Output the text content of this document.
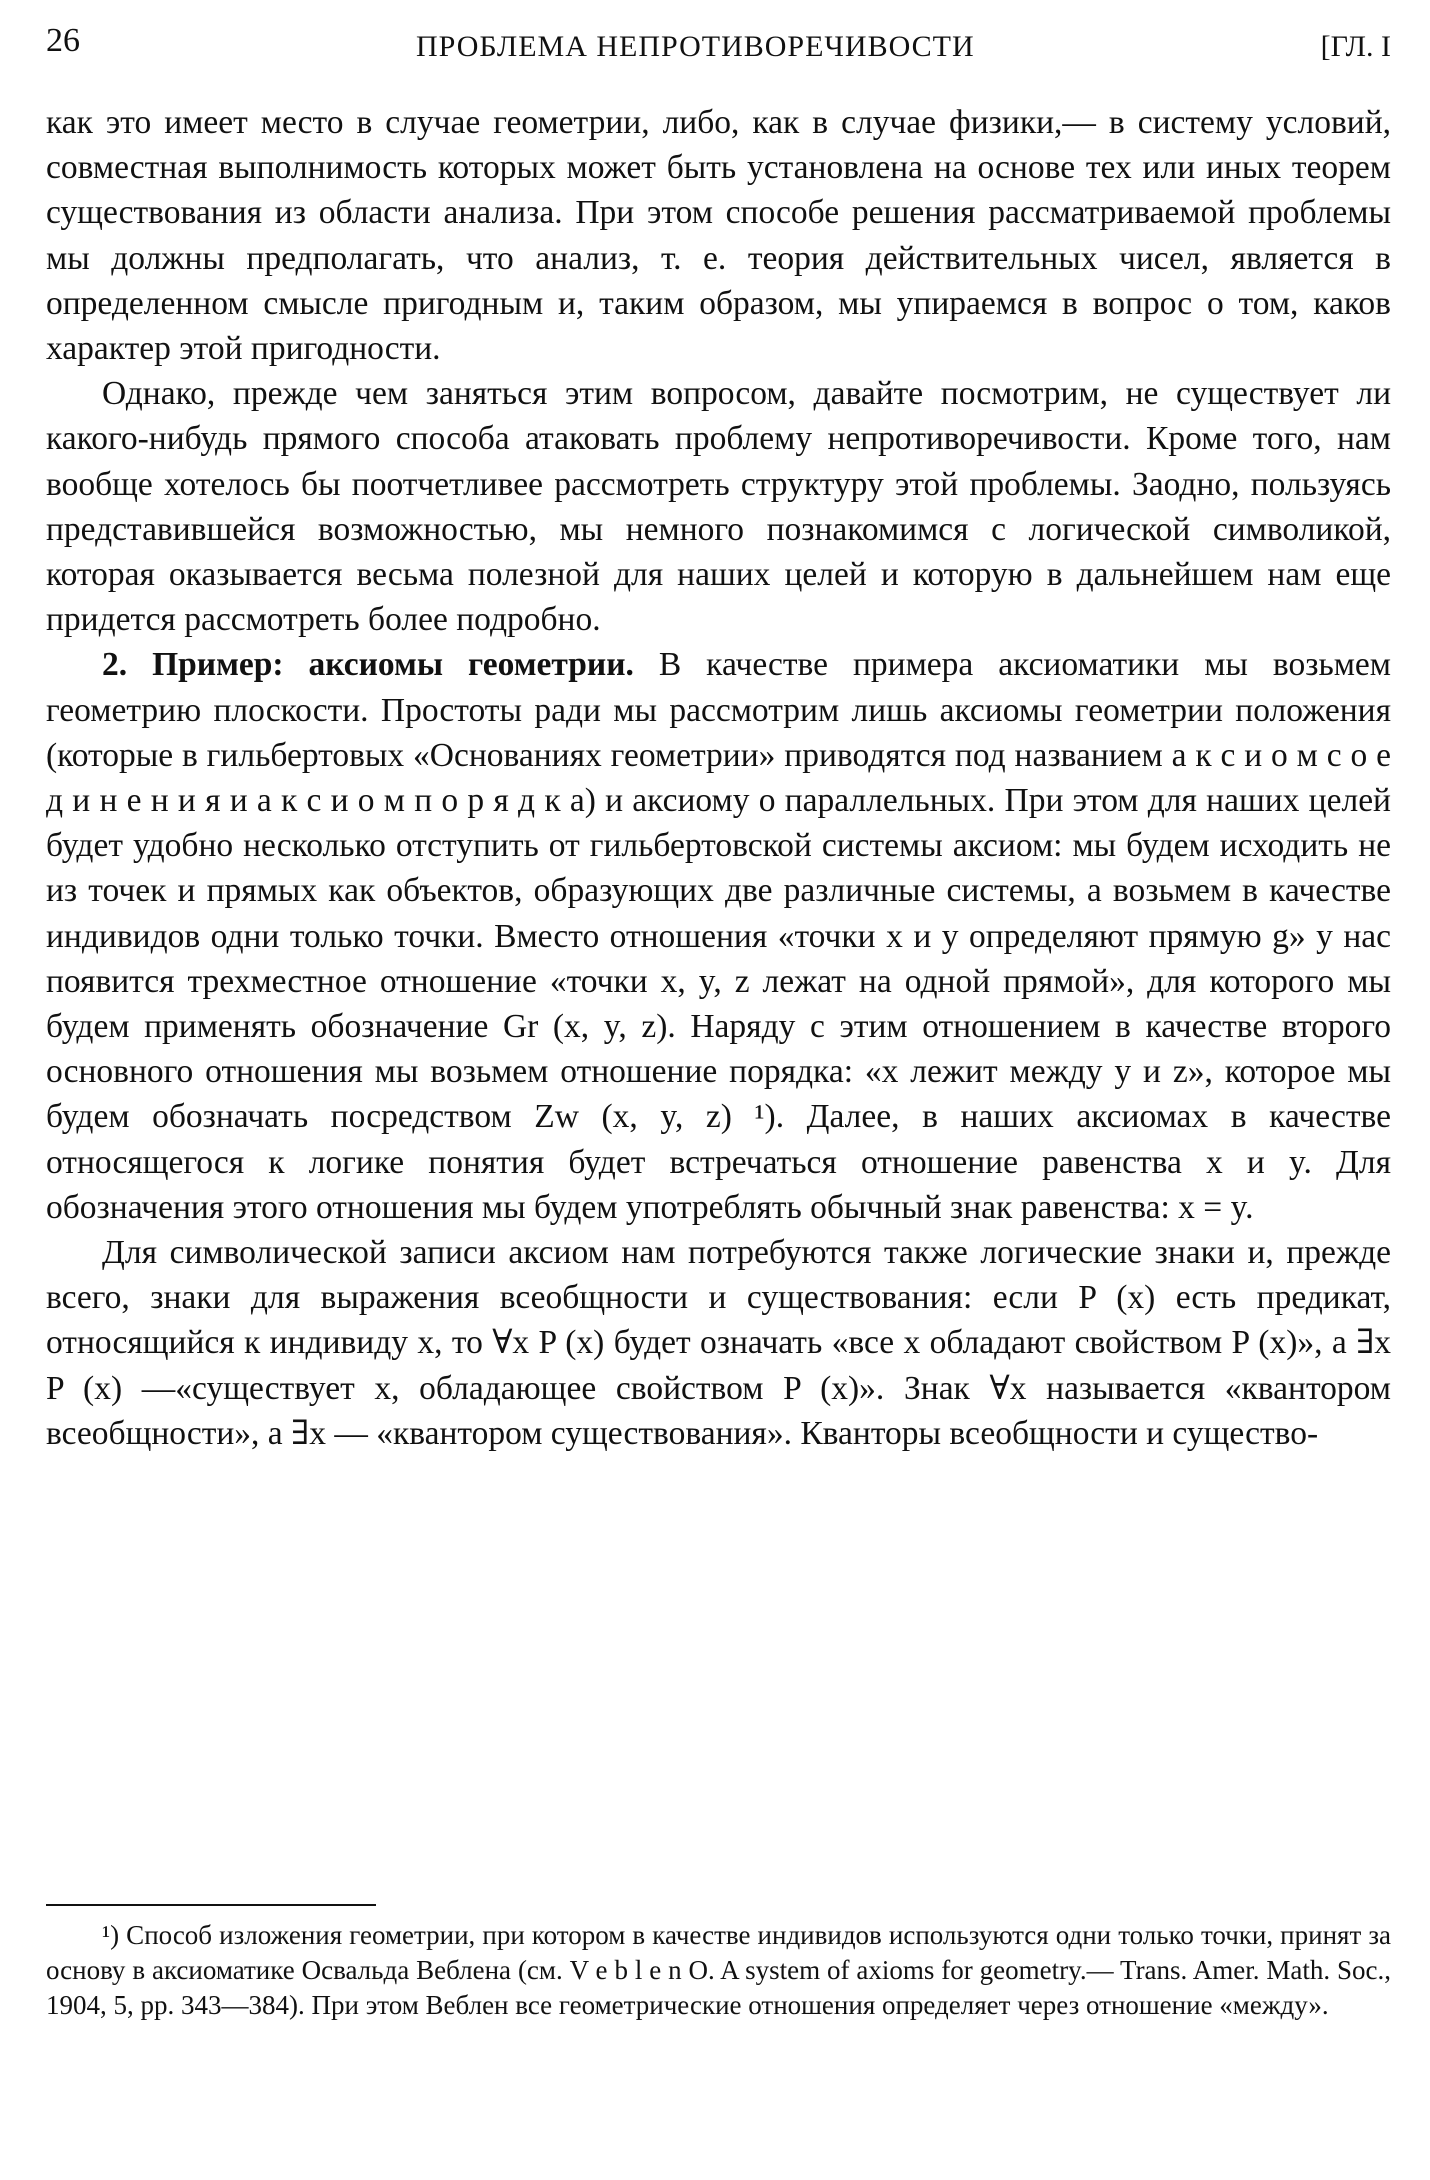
26	ПРОБЛЕМА НЕПРОТИВОРЕЧИВОСТИ	[ГЛ. I

как это имеет место в случае геометрии, либо, как в случае физики,— в систему условий, совместная выполнимость которых может быть установлена на основе тех или иных теорем существования из области анализа. При этом способе решения рассматриваемой проблемы мы должны предполагать, что анализ, т. е. теория действительных чисел, является в определенном смысле пригодным и, таким образом, мы упираемся в вопрос о том, каков характер этой пригодности.

Однако, прежде чем заняться этим вопросом, давайте посмотрим, не существует ли какого-нибудь прямого способа атаковать проблему непротиворечивости. Кроме того, нам вообще хотелось бы поотчетливее рассмотреть структуру этой проблемы. Заодно, пользуясь представившейся возможностью, мы немного познакомимся с логической символикой, которая оказывается весьма полезной для наших целей и которую в дальнейшем нам еще придется рассмотреть более подробно.

2. Пример: аксиомы геометрии. В качестве примера аксиоматики мы возьмем геометрию плоскости. Простоты ради мы рассмотрим лишь аксиомы геометрии положения (которые в гильбертовых «Основаниях геометрии» приводятся под названием а к с и о м с о е д и н е н и я и а к с и о м п о р я д к а) и аксиому о параллельных. При этом для наших целей будет удобно несколько отступить от гильбертовской системы аксиом: мы будем исходить не из точек и прямых как объектов, образующих две различные системы, а возьмем в качестве индивидов одни только точки. Вместо отношения «точки x и y определяют прямую g» у нас появится трехместное отношение «точки x, y, z лежат на одной прямой», для которого мы будем применять обозначение Gr (x, y, z). Наряду с этим отношением в качестве второго основного отношения мы возьмем отношение порядка: «x лежит между y и z», которое мы будем обозначать посредством Zw (x, y, z) ¹). Далее, в наших аксиомах в качестве относящегося к логике понятия будет встречаться отношение равенства x и y. Для обозначения этого отношения мы будем употреблять обычный знак равенства: x = y.

Для символической записи аксиом нам потребуются также логические знаки и, прежде всего, знаки для выражения всеобщности и существования: если P (x) есть предикат, относящийся к индивиду x, то ∀x P (x) будет означать «все x обладают свойством P (x)», а ∃x P (x) —«существует x, обладающее свойством P (x)». Знак ∀x называется «квантором всеобщности», а ∃x — «квантором существования». Кванторы всеобщности и существо-

¹) Способ изложения геометрии, при котором в качестве индивидов используются одни только точки, принят за основу в аксиоматике Освальда Веблена (см. V e b l e n O. A system of axioms for geometry.— Trans. Amer. Math. Soc., 1904, 5, pp. 343—384). При этом Веблен все геометрические отношения определяет через отношение «между».
